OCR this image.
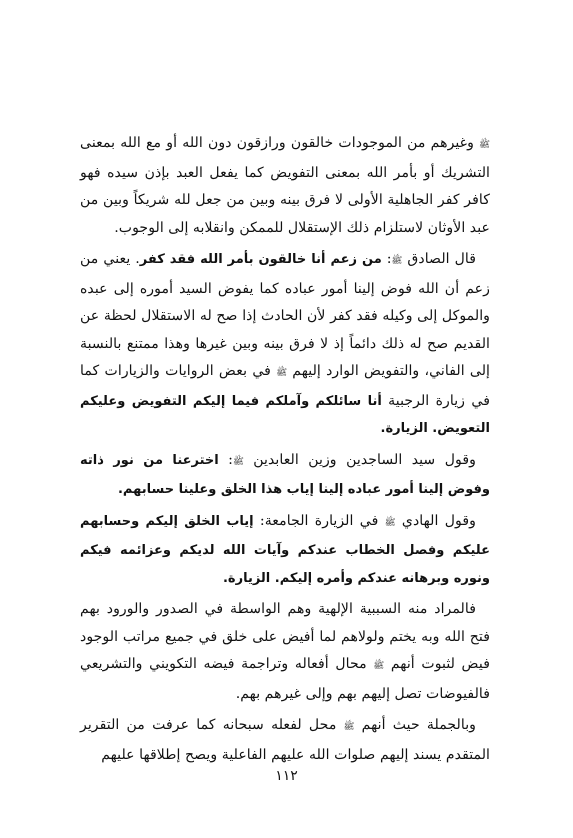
ﷺ وغيرهم من الموجودات خالقون ورازقون دون الله أو مع الله بمعنى التشريك أو بأمر الله بمعنى التفويض كما يفعل العبد بإذن سيده فهو كافر كفر الجاهلية الأولى لا فرق بينه وبين من جعل لله شريكاً وبين من عبد الأوثان لاستلزام ذلك الإستقلال للممكن وانقلابه إلى الوجوب.

قال الصادق ﷺ: من زعم أنا خالقون بأمر الله فقد كفر. يعني من زعم أن الله فوض إلينا أمور عباده كما يفوض السيد أموره إلى عبده والموكل إلى وكيله فقد كفر لأن الحادث إذا صح له الاستقلال لحظة عن القديم صح له ذلك دائماً إذ لا فرق بينه وبين غيرها وهذا ممتنع بالنسبة إلى الفاني، والتفويض الوارد إليهم ﷺ في بعض الروايات والزيارات كما في زيارة الرجبية أنا سائلكم وآملكم فيما إليكم التفويض وعليكم التعويض. الزيارة.

وقول سيد الساجدين وزين العابدين ﷺ: اخترعنا من نور ذاته وفوض إلينا أمور عباده إلينا إياب هذا الخلق وعلينا حسابهم.

وقول الهادي ﷺ في الزيارة الجامعة: إياب الخلق إليكم وحسابهم عليكم وفصل الخطاب عندكم وآيات الله لديكم وعزائمه فيكم ونوره وبرهانه عندكم وأمره إليكم. الزيارة.

فالمراد منه السببية الإلهية وهم الواسطة في الصدور والورود بهم فتح الله وبه يختم ولولاهم لما أفيض على خلق في جميع مراتب الوجود فيض لثبوت أنهم ﷺ محال أفعاله وتراجمة فيضه التكويني والتشريعي فالفيوضات تصل إليهم بهم وإلى غيرهم بهم.

وبالجملة حيث أنهم ﷺ محل لفعله سبحانه كما عرفت من التقرير المتقدم يسند إليهم صلوات الله عليهم الفاعلية ويصح إطلاقها عليهم

١١٢
